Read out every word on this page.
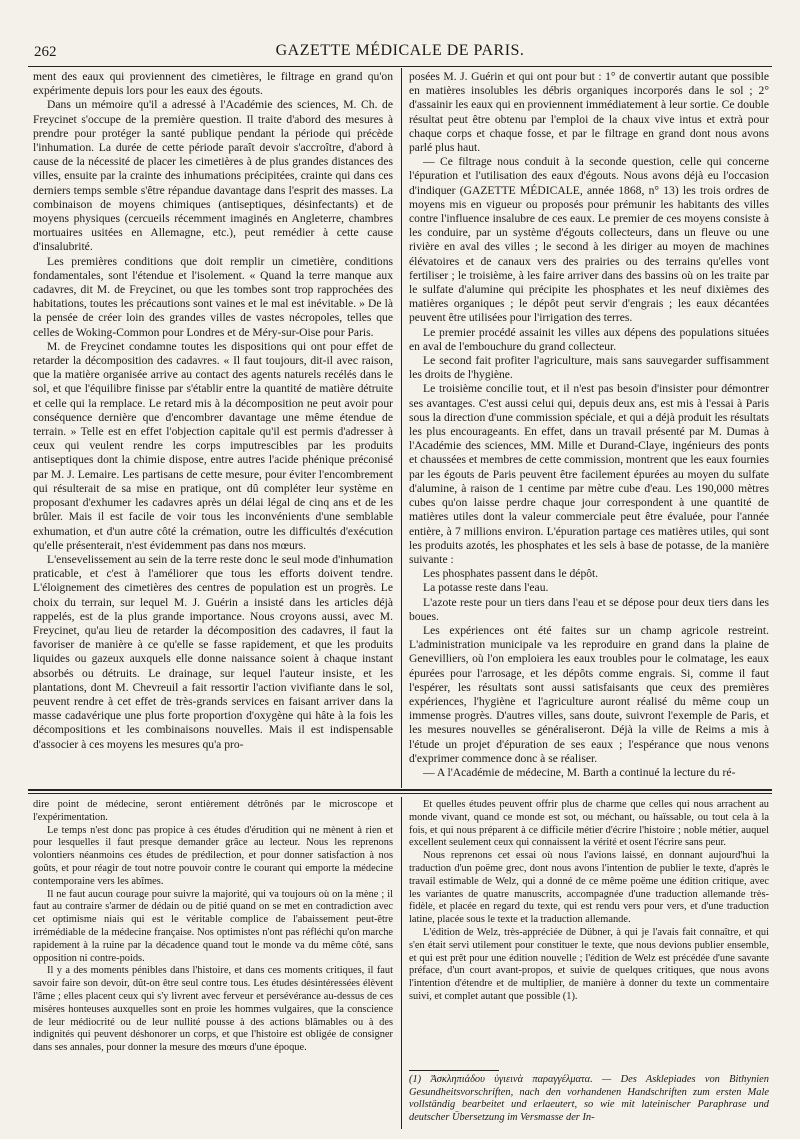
262	GAZETTE MÉDICALE DE PARIS.

ment des eaux qui proviennent des cimetières, le filtrage en grand qu'on expérimente depuis lors pour les eaux des égouts.

Dans un mémoire qu'il a adressé à l'Académie des sciences, M. Ch. de Freycinet s'occupe de la première question. Il traite d'abord des mesures à prendre pour protéger la santé publique pendant la période qui précède l'inhumation. La durée de cette période paraît devoir s'accroître, d'abord à cause de la nécessité de placer les cimetières à de plus grandes distances des villes, ensuite par la crainte des inhumations précipitées, crainte qui dans ces derniers temps semble s'être répandue davantage dans l'esprit des masses. La combinaison de moyens chimiques (antiseptiques, désinfectants) et de moyens physiques (cercueils récemment imaginés en Angleterre, chambres mortuaires usitées en Allemagne, etc.), peut remédier à cette cause d'insalubrité.

Les premières conditions que doit remplir un cimetière, conditions fondamentales, sont l'étendue et l'isolement. « Quand la terre manque aux cadavres, dit M. de Freycinet, ou que les tombes sont trop rapprochées des habitations, toutes les précautions sont vaines et le mal est inévitable. » De là la pensée de créer loin des grandes villes de vastes nécropoles, telles que celles de Woking-Common pour Londres et de Méry-sur-Oise pour Paris.

M. de Freycinet condamne toutes les dispositions qui ont pour effet de retarder la décomposition des cadavres. « Il faut toujours, dit-il avec raison, que la matière organisée arrive au contact des agents naturels recélés dans le sol, et que l'équilibre finisse par s'établir entre la quantité de matière détruite et celle qui la remplace. Le retard mis à la décomposition ne peut avoir pour conséquence dernière que d'encombrer davantage une même étendue de terrain. » Telle est en effet l'objection capitale qu'il est permis d'adresser à ceux qui veulent rendre les corps imputrescibles par les produits antiseptiques dont la chimie dispose, entre autres l'acide phénique préconisé par M. J. Lemaire. Les partisans de cette mesure, pour éviter l'encombrement qui résulterait de sa mise en pratique, ont dû compléter leur système en proposant d'exhumer les cadavres après un délai légal de cinq ans et de les brûler. Mais il est facile de voir tous les inconvénients d'une semblable exhumation, et d'un autre côté la crémation, outre les difficultés d'exécution qu'elle présenterait, n'est évidemment pas dans nos mœurs.

L'ensevelissement au sein de la terre reste donc le seul mode d'inhumation praticable, et c'est à l'améliorer que tous les efforts doivent tendre. L'éloignement des cimetières des centres de population est un progrès. Le choix du terrain, sur lequel M. J. Guérin a insisté dans les articles déjà rappelés, est de la plus grande importance. Nous croyons aussi, avec M. Freycinet, qu'au lieu de retarder la décomposition des cadavres, il faut la favoriser de manière à ce qu'elle se fasse rapidement, et que les produits liquides ou gazeux auxquels elle donne naissance soient à chaque instant absorbés ou détruits. Le drainage, sur lequel l'auteur insiste, et les plantations, dont M. Chevreuil a fait ressortir l'action vivifiante dans le sol, peuvent rendre à cet effet de très-grands services en faisant arriver dans la masse cadavérique une plus forte proportion d'oxygène qui hâte à la fois les décompositions et les combinaisons nouvelles. Mais il est indispensable d'associer à ces moyens les mesures qu'a pro-

posées M. J. Guérin et qui ont pour but : 1° de convertir autant que possible en matières insolubles les débris organiques incorporés dans le sol ; 2° d'assainir les eaux qui en proviennent immédiatement à leur sortie. Ce double résultat peut être obtenu par l'emploi de la chaux vive intus et extrà pour chaque corps et chaque fosse, et par le filtrage en grand dont nous avons parlé plus haut.

— Ce filtrage nous conduit à la seconde question, celle qui concerne l'épuration et l'utilisation des eaux d'égouts. Nous avons déjà eu l'occasion d'indiquer (GAZETTE MÉDICALE, année 1868, n° 13) les trois ordres de moyens mis en vigueur ou proposés pour prémunir les habitants des villes contre l'influence insalubre de ces eaux. Le premier de ces moyens consiste à les conduire, par un système d'égouts collecteurs, dans un fleuve ou une rivière en aval des villes ; le second à les diriger au moyen de machines élévatoires et de canaux vers des prairies ou des terrains qu'elles vont fertiliser ; le troisième, à les faire arriver dans des bassins où on les traite par le sulfate d'alumine qui précipite les phosphates et les neuf dixièmes des matières organiques ; le dépôt peut servir d'engrais ; les eaux décantées peuvent être utilisées pour l'irrigation des terres.

Le premier procédé assainit les villes aux dépens des populations situées en aval de l'embouchure du grand collecteur.

Le second fait profiter l'agriculture, mais sans sauvegarder suffisamment les droits de l'hygiène.

Le troisième concilie tout, et il n'est pas besoin d'insister pour démontrer ses avantages. C'est aussi celui qui, depuis deux ans, est mis à l'essai à Paris sous la direction d'une commission spéciale, et qui a déjà produit les résultats les plus encourageants. En effet, dans un travail présenté par M. Dumas à l'Académie des sciences, MM. Mille et Durand-Claye, ingénieurs des ponts et chaussées et membres de cette commission, montrent que les eaux fournies par les égouts de Paris peuvent être facilement épurées au moyen du sulfate d'alumine, à raison de 1 centime par mètre cube d'eau. Les 190,000 mètres cubes qu'on laisse perdre chaque jour correspondent à une quantité de matières utiles dont la valeur commerciale peut être évaluée, pour l'année entière, à 7 millions environ. L'épuration partage ces matières utiles, qui sont les produits azotés, les phosphates et les sels à base de potasse, de la manière suivante :

Les phosphates passent dans le dépôt.

La potasse reste dans l'eau.

L'azote reste pour un tiers dans l'eau et se dépose pour deux tiers dans les boues.

Les expériences ont été faites sur un champ agricole restreint. L'administration municipale va les reproduire en grand dans la plaine de Genevilliers, où l'on emploiera les eaux troubles pour le colmatage, les eaux épurées pour l'arrosage, et les dépôts comme engrais. Si, comme il faut l'espérer, les résultats sont aussi satisfaisants que ceux des premières expériences, l'hygiène et l'agriculture auront réalisé du même coup un immense progrès. D'autres villes, sans doute, suivront l'exemple de Paris, et les mesures nouvelles se généraliseront. Déjà la ville de Reims a mis à l'étude un projet d'épuration de ses eaux ; l'espérance que nous venons d'exprimer commence donc à se réaliser.

— A l'Académie de médecine, M. Barth a continué la lecture du ré-

dire point de médecine, seront entièrement détrônés par le microscope et l'expérimentation.

Le temps n'est donc pas propice à ces études d'érudition qui ne mènent à rien et pour lesquelles il faut presque demander grâce au lecteur. Nous les reprenons volontiers néanmoins ces études de prédilection, et pour donner satisfaction à nos goûts, et pour réagir de tout notre pouvoir contre le courant qui emporte la médecine contemporaine vers les abîmes.

Il ne faut aucun courage pour suivre la majorité, qui va toujours où on la mène ; il faut au contraire s'armer de dédain ou de pitié quand on se met en contradiction avec cet optimisme niais qui est le véritable complice de l'abaissement peut-être irrémédiable de la médecine française. Nos optimistes n'ont pas réfléchi qu'on marche rapidement à la ruine par la décadence quand tout le monde va du même côté, sans opposition ni contre-poids.

Il y a des moments pénibles dans l'histoire, et dans ces moments critiques, il faut savoir faire son devoir, dût-on être seul contre tous. Les études désintéressées élèvent l'âme ; elles placent ceux qui s'y livrent avec ferveur et persévérance au-dessus de ces misères honteuses auxquelles sont en proie les hommes vulgaires, que la conscience de leur médiocrité ou de leur nullité pousse à des actions blâmables ou à des indignités qui peuvent déshonorer un corps, et que l'histoire est obligée de consigner dans ses annales, pour donner la mesure des mœurs d'une époque.

Et quelles études peuvent offrir plus de charme que celles qui nous arrachent au monde vivant, quand ce monde est sot, ou méchant, ou haïssable, ou tout cela à la fois, et qui nous préparent à ce difficile métier d'écrire l'histoire ; noble métier, auquel excellent seulement ceux qui connaissent la vérité et osent l'écrire sans peur.

Nous reprenons cet essai où nous l'avions laissé, en donnant aujourd'hui la traduction d'un poëme grec, dont nous avons l'intention de publier le texte, d'après le travail estimable de Welz, qui a donné de ce même poëme une édition critique, avec les variantes de quatre manuscrits, accompagnée d'une traduction allemande très-fidèle, et placée en regard du texte, qui est rendu vers pour vers, et d'une traduction latine, placée sous le texte et la traduction allemande.

L'édition de Welz, très-appréciée de Dübner, à qui je l'avais fait connaître, et qui s'en était servi utilement pour constituer le texte, que nous devions publier ensemble, et qui est prêt pour une édition nouvelle ; l'édition de Welz est précédée d'une savante préface, d'un court avant-propos, et suivie de quelques critiques, que nous avons l'intention d'étendre et de multiplier, de manière à donner du texte un commentaire suivi, et complet autant que possible (1).

(1) Ἀσκληπιάδου ὑγιεινὰ παραγγέλματα. — Des Asklepiades von Bithynien Gesundheitsvorschriften, nach den vorhandenen Handschriften zum ersten Male vollständig bearbeitet und erlaeutert, so wie mit lateinischer Paraphrase und deutscher Übersetzung im Versmasse der In-
